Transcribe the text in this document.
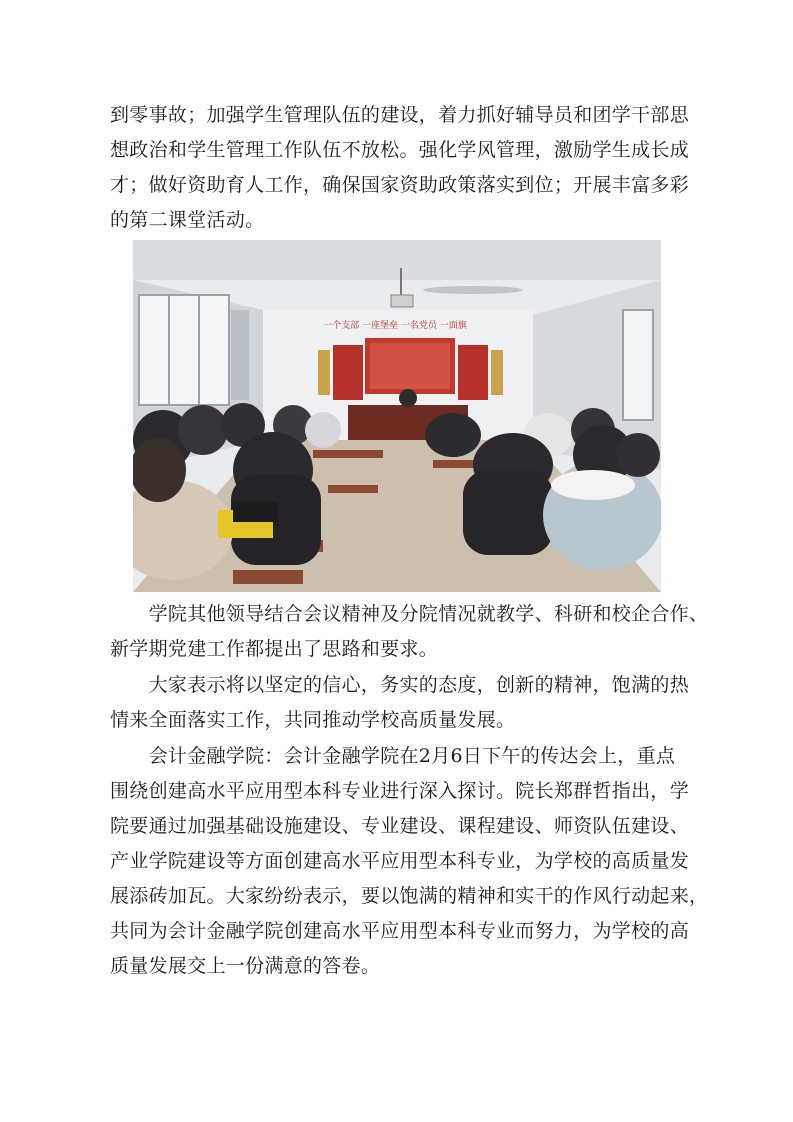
到零事故；加强学生管理队伍的建设，着力抓好辅导员和团学干部思
想政治和学生管理工作队伍不放松。强化学风管理，激励学生成长成
才；做好资助育人工作，确保国家资助政策落实到位；开展丰富多彩
的第二课堂活动。

一个支部 一座堡垒 一名党员 一面旗

　　学院其他领导结合会议精神及分院情况就教学、科研和校企合作、
新学期党建工作都提出了思路和要求。

　　大家表示将以坚定的信心，务实的态度，创新的精神，饱满的热
情来全面落实工作，共同推动学校高质量发展。

　　会计金融学院：会计金融学院在2月6日下午的传达会上，重点
围绕创建高水平应用型本科专业进行深入探讨。院长郑群哲指出，学
院要通过加强基础设施建设、专业建设、课程建设、师资队伍建设、
产业学院建设等方面创建高水平应用型本科专业，为学校的高质量发
展添砖加瓦。大家纷纷表示，要以饱满的精神和实干的作风行动起来，
共同为会计金融学院创建高水平应用型本科专业而努力，为学校的高
质量发展交上一份满意的答卷。
